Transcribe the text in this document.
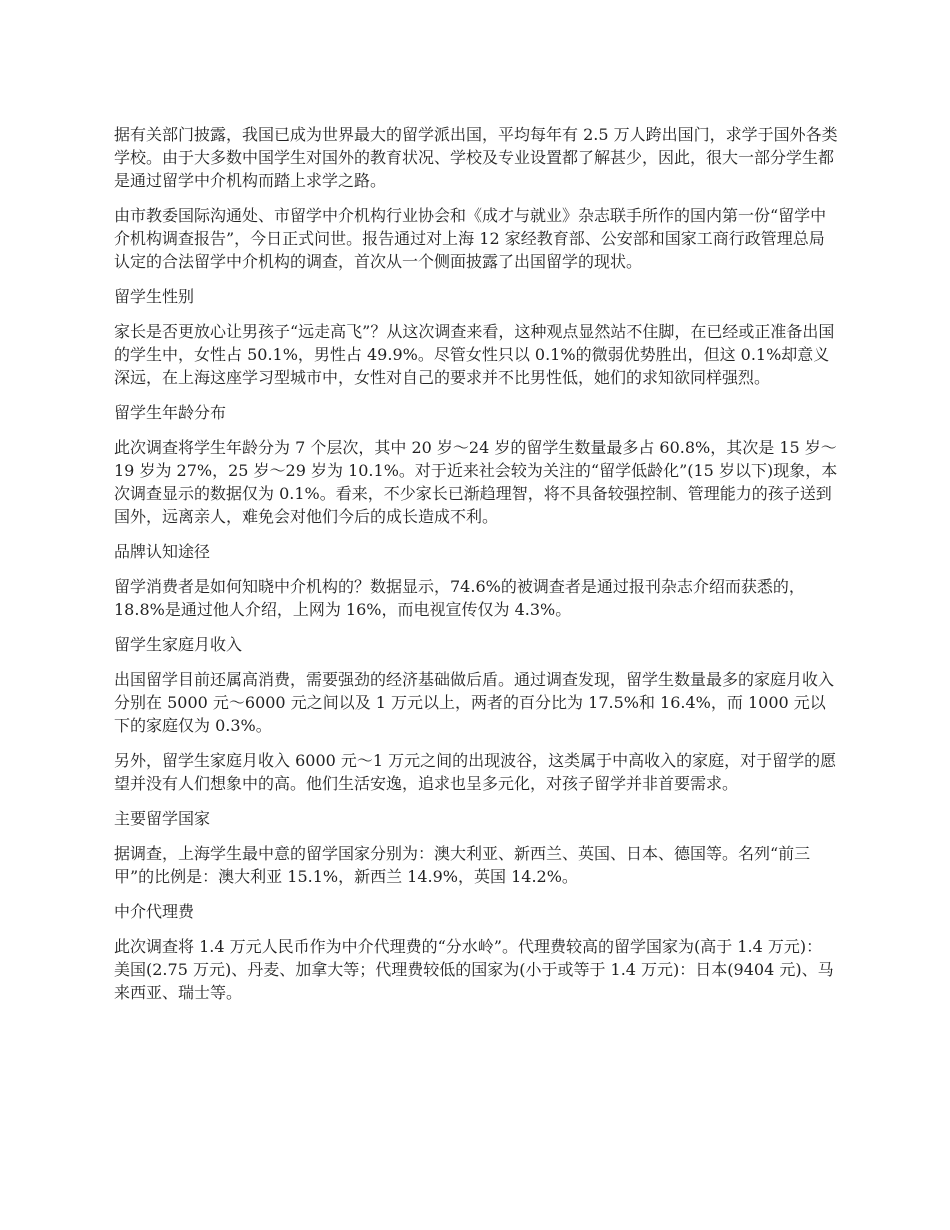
据有关部门披露，我国已成为世界最大的留学派出国，平均每年有 2.5 万人跨出国门，求学于国外各类学校。由于大多数中国学生对国外的教育状况、学校及专业设置都了解甚少，因此，很大一部分学生都是通过留学中介机构而踏上求学之路。

由市教委国际沟通处、市留学中介机构行业协会和《成才与就业》杂志联手所作的国内第一份“留学中介机构调查报告”，今日正式问世。报告通过对上海 12 家经教育部、公安部和国家工商行政管理总局认定的合法留学中介机构的调查，首次从一个侧面披露了出国留学的现状。

留学生性别

家长是否更放心让男孩子“远走高飞”？从这次调查来看，这种观点显然站不住脚，在已经或正准备出国的学生中，女性占 50.1%，男性占 49.9%。尽管女性只以 0.1%的微弱优势胜出，但这 0.1%却意义深远，在上海这座学习型城市中，女性对自己的要求并不比男性低，她们的求知欲同样强烈。

留学生年龄分布

此次调查将学生年龄分为 7 个层次，其中 20 岁～24 岁的留学生数量最多占 60.8%，其次是 15 岁～19 岁为 27%，25 岁～29 岁为 10.1%。对于近来社会较为关注的“留学低龄化”(15 岁以下)现象，本次调查显示的数据仅为 0.1%。看来，不少家长已渐趋理智，将不具备较强控制、管理能力的孩子送到国外，远离亲人，难免会对他们今后的成长造成不利。

品牌认知途径

留学消费者是如何知晓中介机构的？数据显示，74.6%的被调查者是通过报刊杂志介绍而获悉的，18.8%是通过他人介绍，上网为 16%，而电视宣传仅为 4.3%。

留学生家庭月收入

出国留学目前还属高消费，需要强劲的经济基础做后盾。通过调查发现，留学生数量最多的家庭月收入分别在 5000 元～6000 元之间以及 1 万元以上，两者的百分比为 17.5%和 16.4%，而 1000 元以下的家庭仅为 0.3%。

另外，留学生家庭月收入 6000 元～1 万元之间的出现波谷，这类属于中高收入的家庭，对于留学的愿望并没有人们想象中的高。他们生活安逸，追求也呈多元化，对孩子留学并非首要需求。

主要留学国家

据调查，上海学生最中意的留学国家分别为：澳大利亚、新西兰、英国、日本、德国等。名列“前三甲”的比例是：澳大利亚 15.1%，新西兰 14.9%，英国 14.2%。

中介代理费

此次调查将 1.4 万元人民币作为中介代理费的“分水岭”。代理费较高的留学国家为(高于 1.4 万元)：美国(2.75 万元)、丹麦、加拿大等；代理费较低的国家为(小于或等于 1.4 万元)：日本(9404 元)、马来西亚、瑞士等。
